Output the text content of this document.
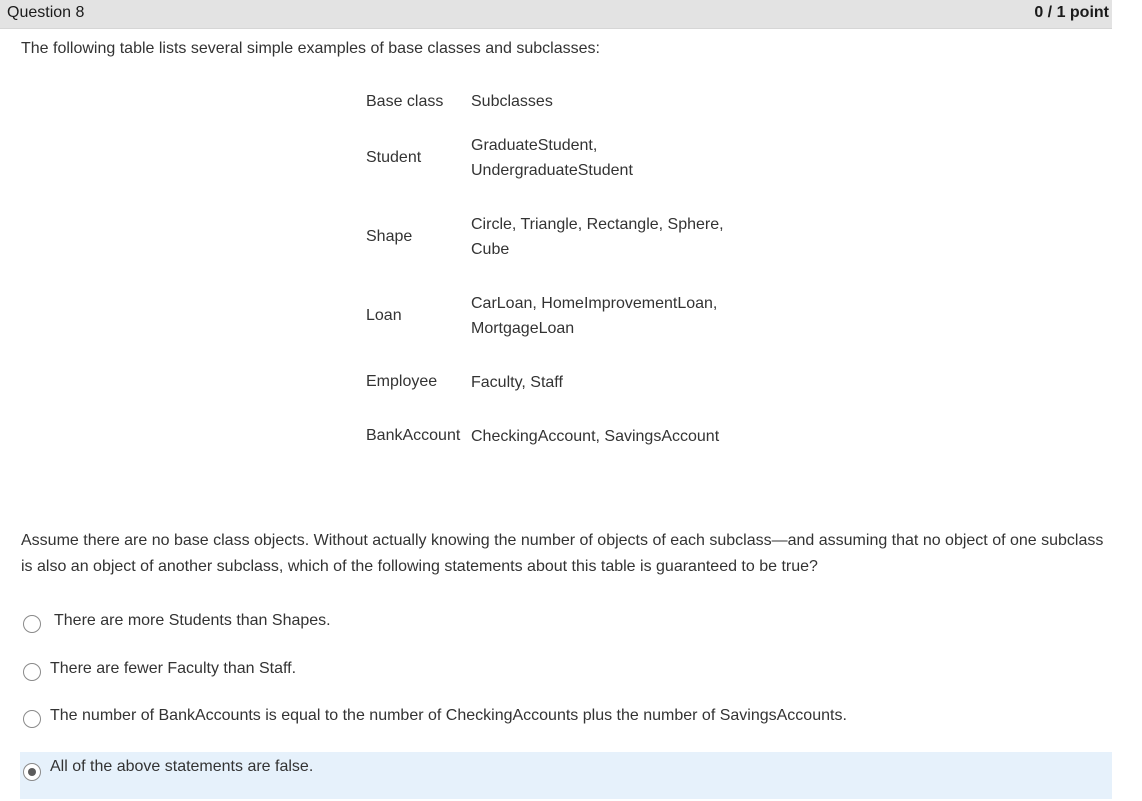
Question 8	0 / 1 point
The following table lists several simple examples of base classes and subclasses:
Base class	Subclasses
Student	GraduateStudent,
UndergraduateStudent
Shape	Circle, Triangle, Rectangle, Sphere,
Cube
Loan	CarLoan, HomeImprovementLoan,
MortgageLoan
Employee	Faculty, Staff
BankAccount	CheckingAccount, SavingsAccount
Assume there are no base class objects. Without actually knowing the number of objects of each subclass—and assuming that no object of one subclass is also an object of another subclass, which of the following statements about this table is guaranteed to be true?
There are more Students than Shapes.
There are fewer Faculty than Staff.
The number of BankAccounts is equal to the number of CheckingAccounts plus the number of SavingsAccounts.
All of the above statements are false.
